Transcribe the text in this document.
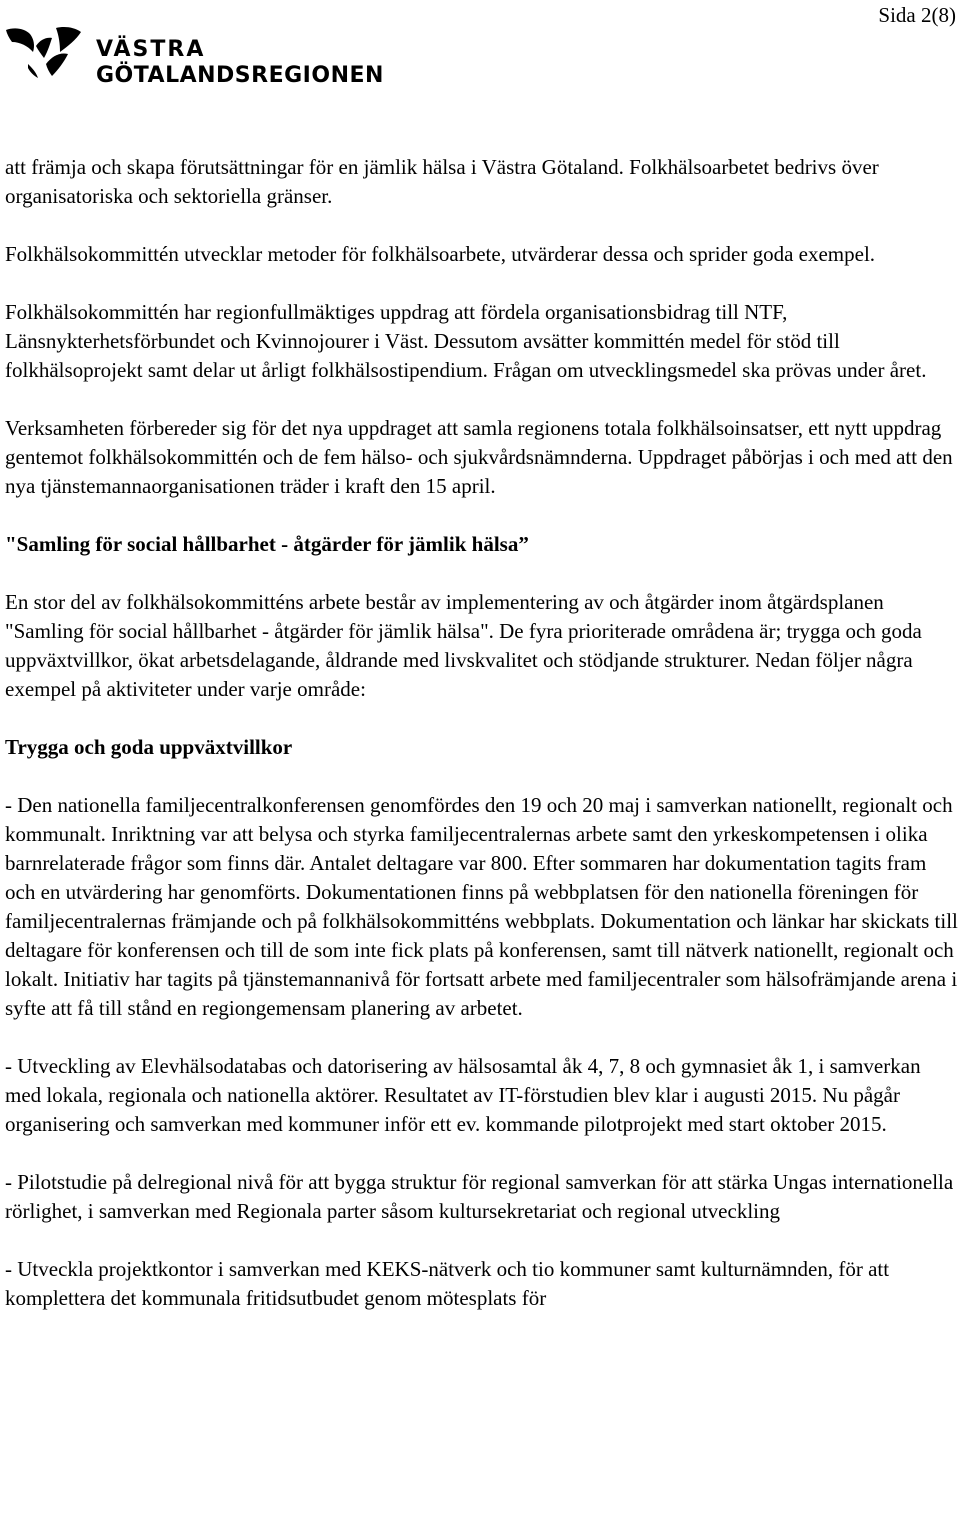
Sida 2(8)
VÄSTRA
GÖTALANDSREGIONEN

att främja och skapa förutsättningar för en jämlik hälsa i Västra Götaland. Folkhälsoarbetet bedrivs över organisatoriska och sektoriella gränser.

Folkhälsokommittén utvecklar metoder för folkhälsoarbete, utvärderar dessa och sprider goda exempel.

Folkhälsokommittén har regionfullmäktiges uppdrag att fördela organisationsbidrag till NTF, Länsnykterhetsförbundet och Kvinnojourer i Väst. Dessutom avsätter kommittén medel för stöd till folkhälsoprojekt samt delar ut årligt folkhälsostipendium. Frågan om utvecklingsmedel ska prövas under året.

Verksamheten förbereder sig för det nya uppdraget att samla regionens totala folkhälsoinsatser, ett nytt uppdrag gentemot folkhälsokommittén och de fem hälso- och sjukvårdsnämnderna. Uppdraget påbörjas i och med att den nya tjänstemannaorganisationen träder i kraft den 15 april.

"Samling för social hållbarhet - åtgärder för jämlik hälsa”

En stor del av folkhälsokommitténs arbete består av implementering av och åtgärder inom åtgärdsplanen "Samling för social hållbarhet - åtgärder för jämlik hälsa". De fyra prioriterade områdena är; trygga och goda uppväxtvillkor, ökat arbetsdelagande, åldrande med livskvalitet och stödjande strukturer. Nedan följer några exempel på aktiviteter under varje område:

Trygga och goda uppväxtvillkor

- Den nationella familjecentralkonferensen genomfördes den 19 och 20 maj i samverkan nationellt, regionalt och kommunalt. Inriktning var att belysa och styrka familjecentralernas arbete samt den yrkeskompetensen i olika barnrelaterade frågor som finns där. Antalet deltagare var 800. Efter sommaren har dokumentation tagits fram och en utvärdering har genomförts. Dokumentationen finns på webbplatsen för den nationella föreningen för familjecentralernas främjande och på folkhälsokommitténs webbplats. Dokumentation och länkar har skickats till deltagare för konferensen och till de som inte fick plats på konferensen, samt till nätverk nationellt, regionalt och lokalt. Initiativ har tagits på tjänstemannanivå för fortsatt arbete med familjecentraler som hälsofrämjande arena i syfte att få till stånd en regiongemensam planering av arbetet.

- Utveckling av Elevhälsodatabas och datorisering av hälsosamtal åk 4, 7, 8 och gymnasiet åk 1, i samverkan med lokala, regionala och nationella aktörer. Resultatet av IT-förstudien blev klar i augusti 2015. Nu pågår organisering och samverkan med kommuner inför ett ev. kommande pilotprojekt med start oktober 2015.

- Pilotstudie på delregional nivå för att bygga struktur för regional samverkan för att stärka Ungas internationella rörlighet, i samverkan med Regionala parter såsom kultursekretariat och regional utveckling

- Utveckla projektkontor i samverkan med KEKS-nätverk och tio kommuner samt kulturnämnden, för att komplettera det kommunala fritidsutbudet genom mötesplats för
